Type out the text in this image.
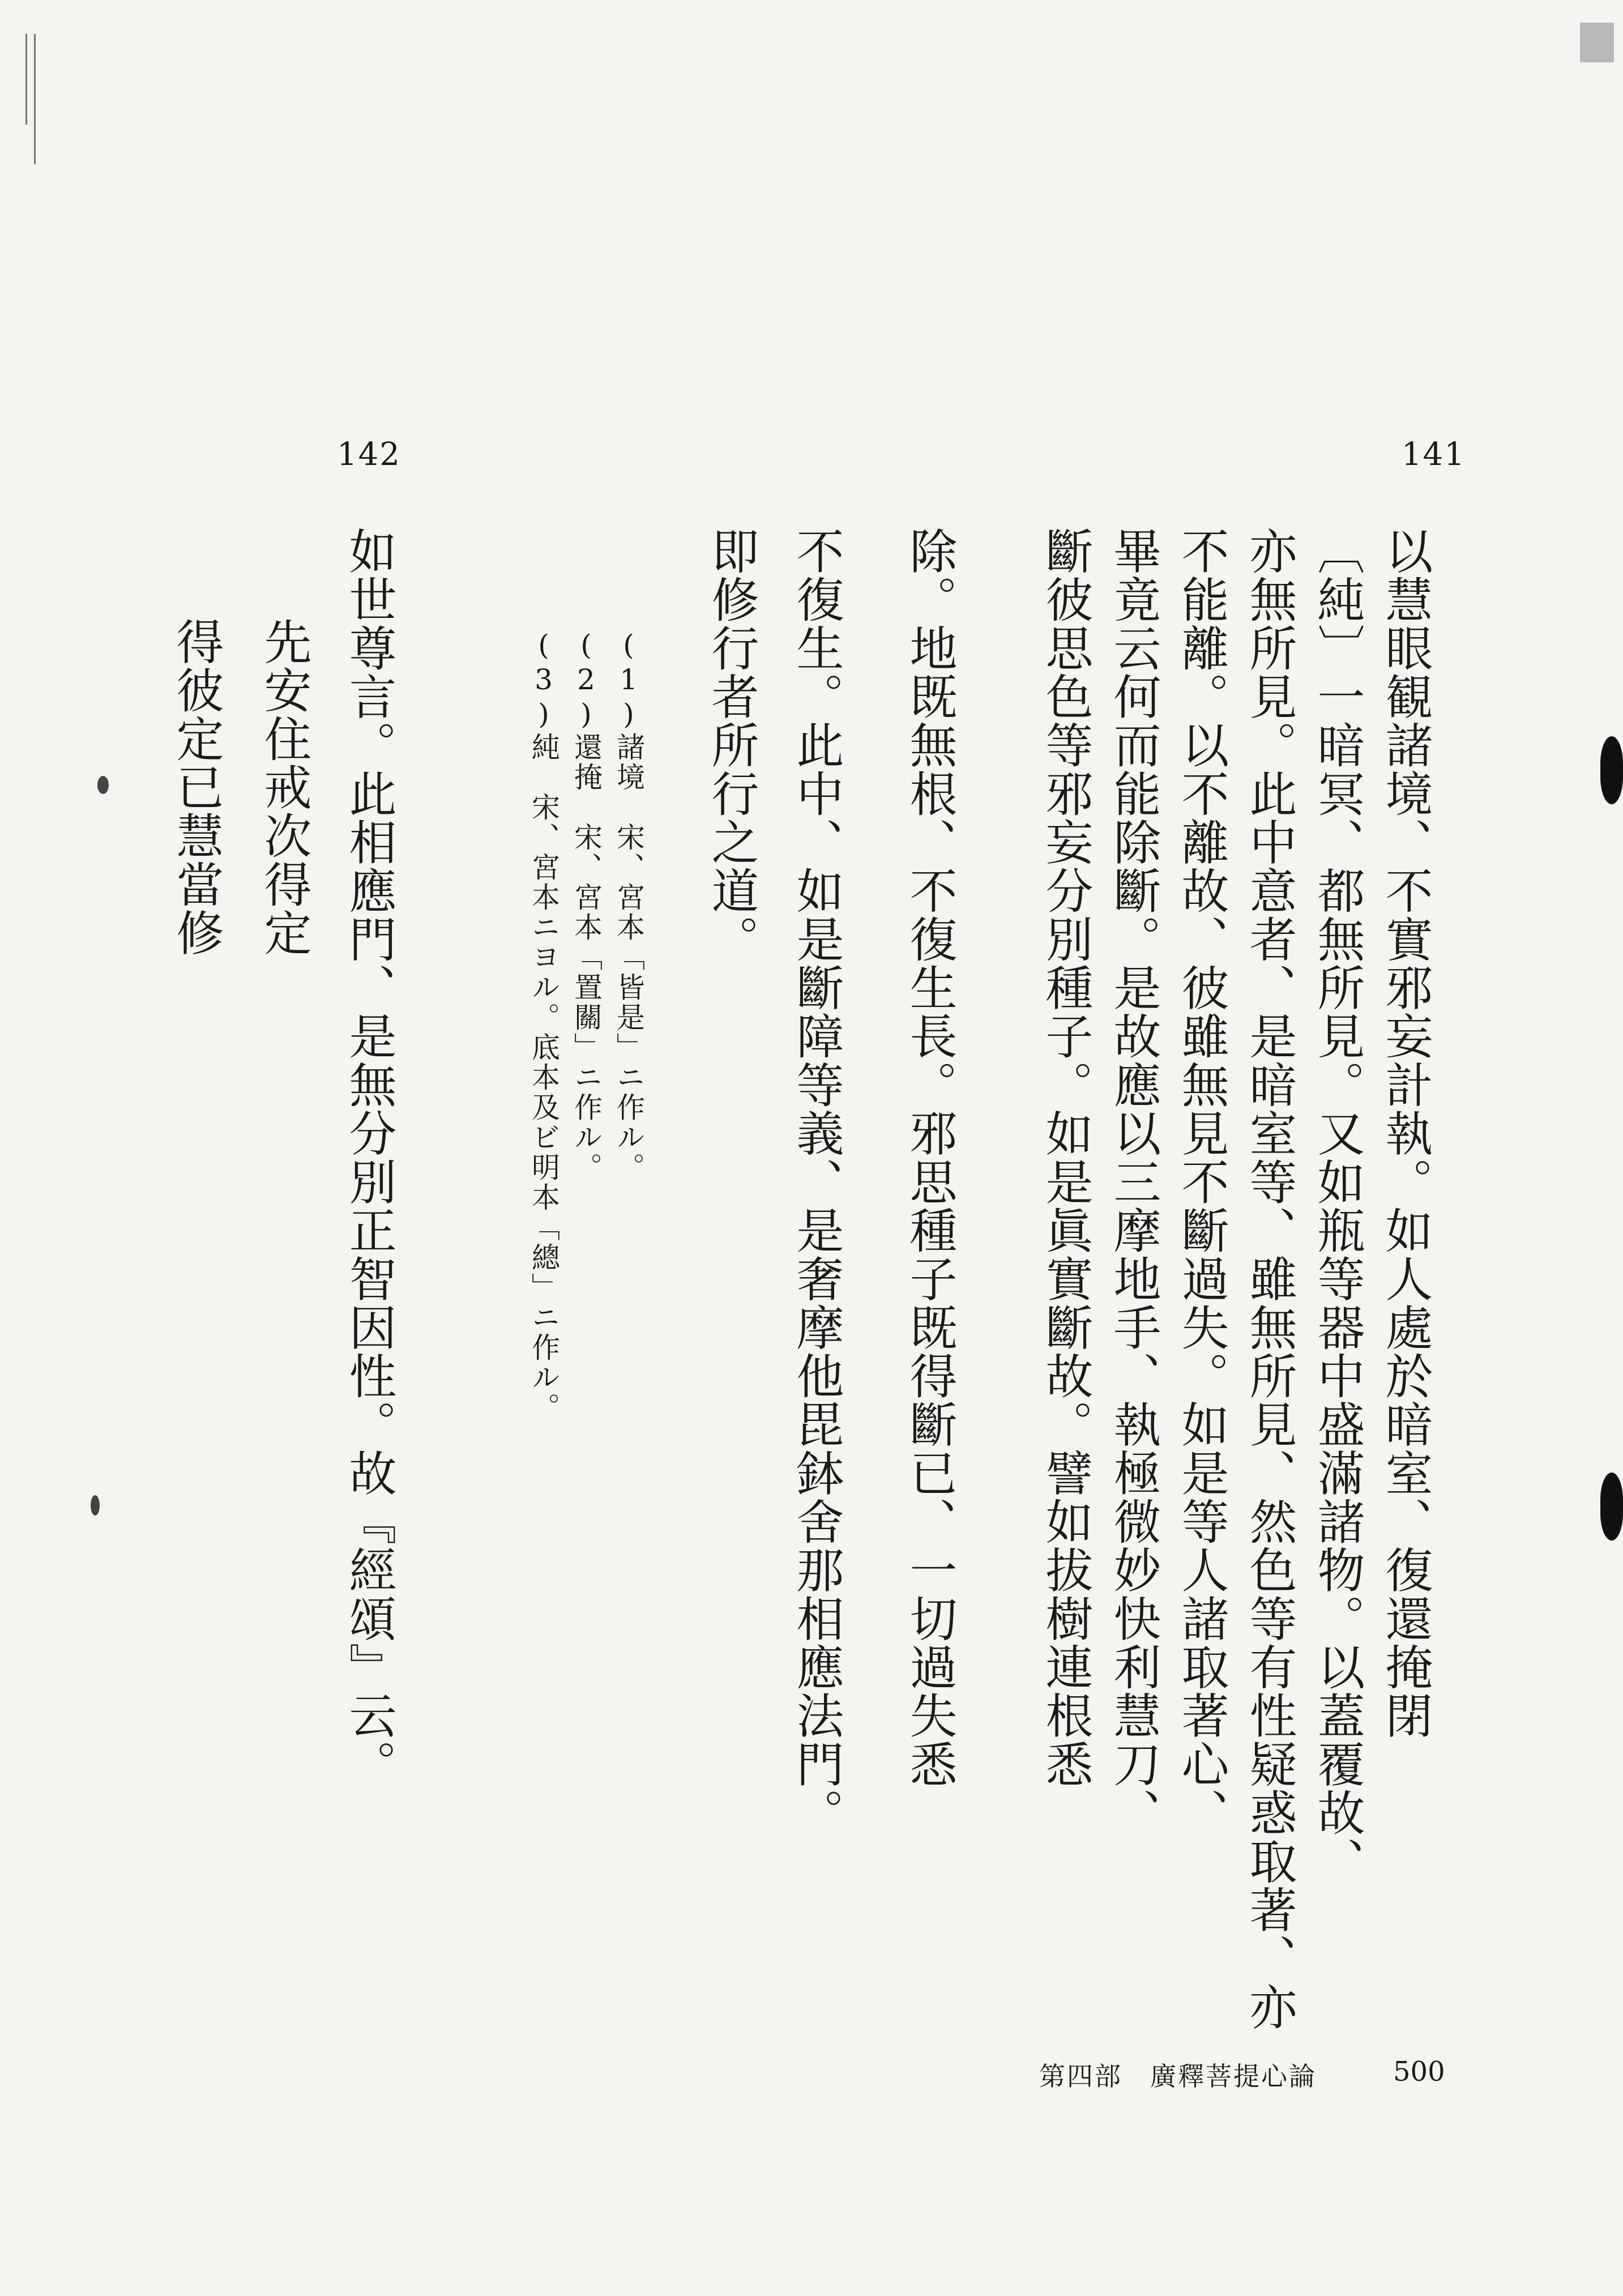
141
142
以慧眼観諸境、不實邪妄計執。如人處於暗室、復還掩閉
亦無所見。此中意者、是暗室等、雖無所見、然色等有性疑惑取著、亦 〔純〕一暗冥、都無所見。又如瓶等器中盛滿諸物。以蓋覆故、
不能離。以不離故、彼雖無見不斷過失。如是等人諸取著心、
畢竟云何而能除斷。是故應以三摩地手、執極微妙快利慧刀、
斷彼思色等邪妄分別種子。如是眞實斷故。譬如拔樹連根悉
除。地既無根、不復生長。邪思種子既得斷已、一切過失悉
不復生。此中、如是斷障等義、是奢摩他毘鉢舍那相應法門。
即修行者所行之道。
(1)諸境　宋、宮本「皆是」ニ作ル。
(2)還掩　宋、宮本「置關」ニ作ル。
(3)純　宋、宮本ニヨル。底本及ビ明本「總」ニ作ル。
如世尊言。此相應門、是無分別正智因性。故『經頌』云。
先安住戒次得定
得彼定已慧當修
第四部　廣釋菩提心論	500
